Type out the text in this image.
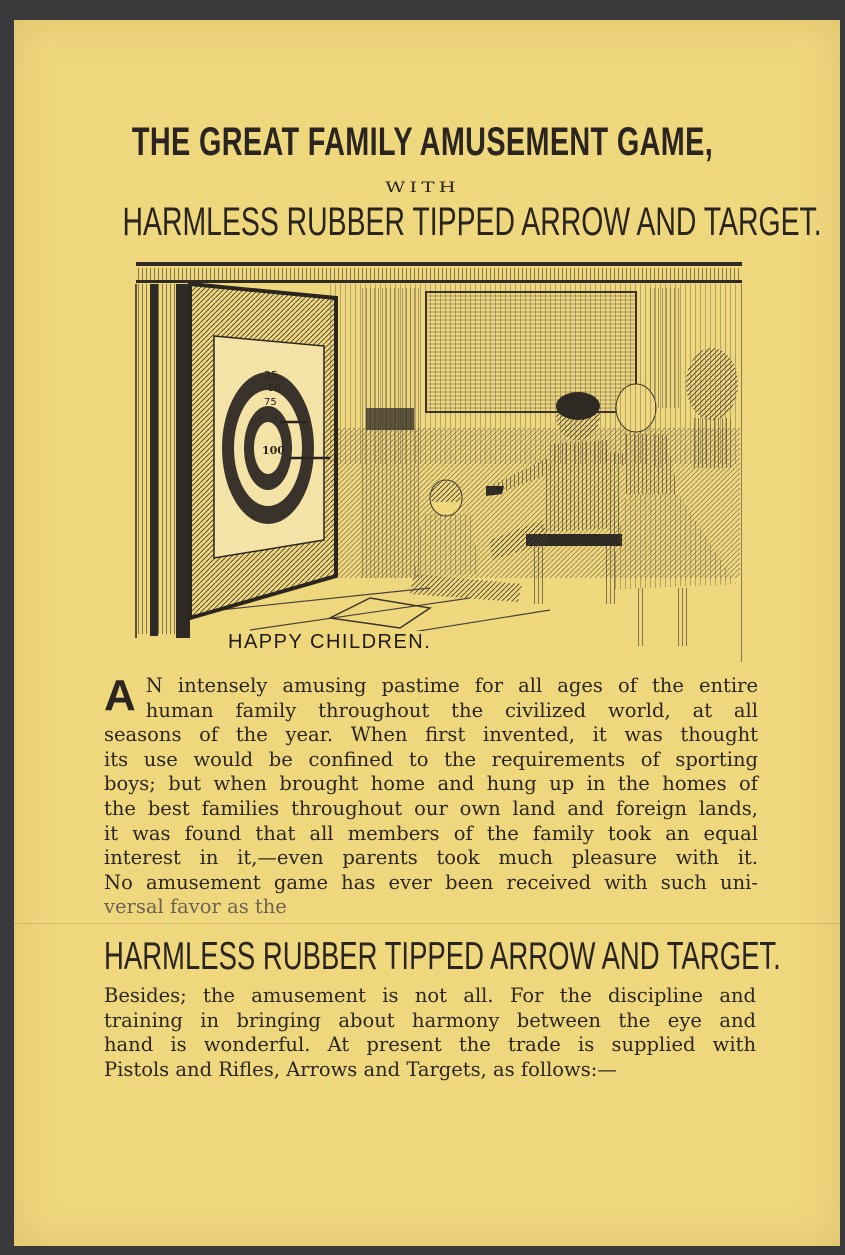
THE GREAT FAMILY AMUSEMENT GAME,
WITH
HARMLESS RUBBER TIPPED ARROW AND TARGET.
100
25
50
75
HAPPY CHILDREN.
A N intensely amusing pastime for all ages of the entire
human family throughout the civilized world, at all
seasons of the year. When first invented, it was thought
its use would be confined to the requirements of sporting
boys; but when brought home and hung up in the homes of
the best families throughout our own land and foreign lands,
it was found that all members of the family took an equal
interest in it,—even parents took much pleasure with it.
No amusement game has ever been received with such uni-
versal favor as the
HARMLESS RUBBER TIPPED ARROW AND TARGET.
Besides; the amusement is not all. For the discipline and
training in bringing about harmony between the eye and
hand is wonderful. At present the trade is supplied with
Pistols and Rifles, Arrows and Targets, as follows:—
